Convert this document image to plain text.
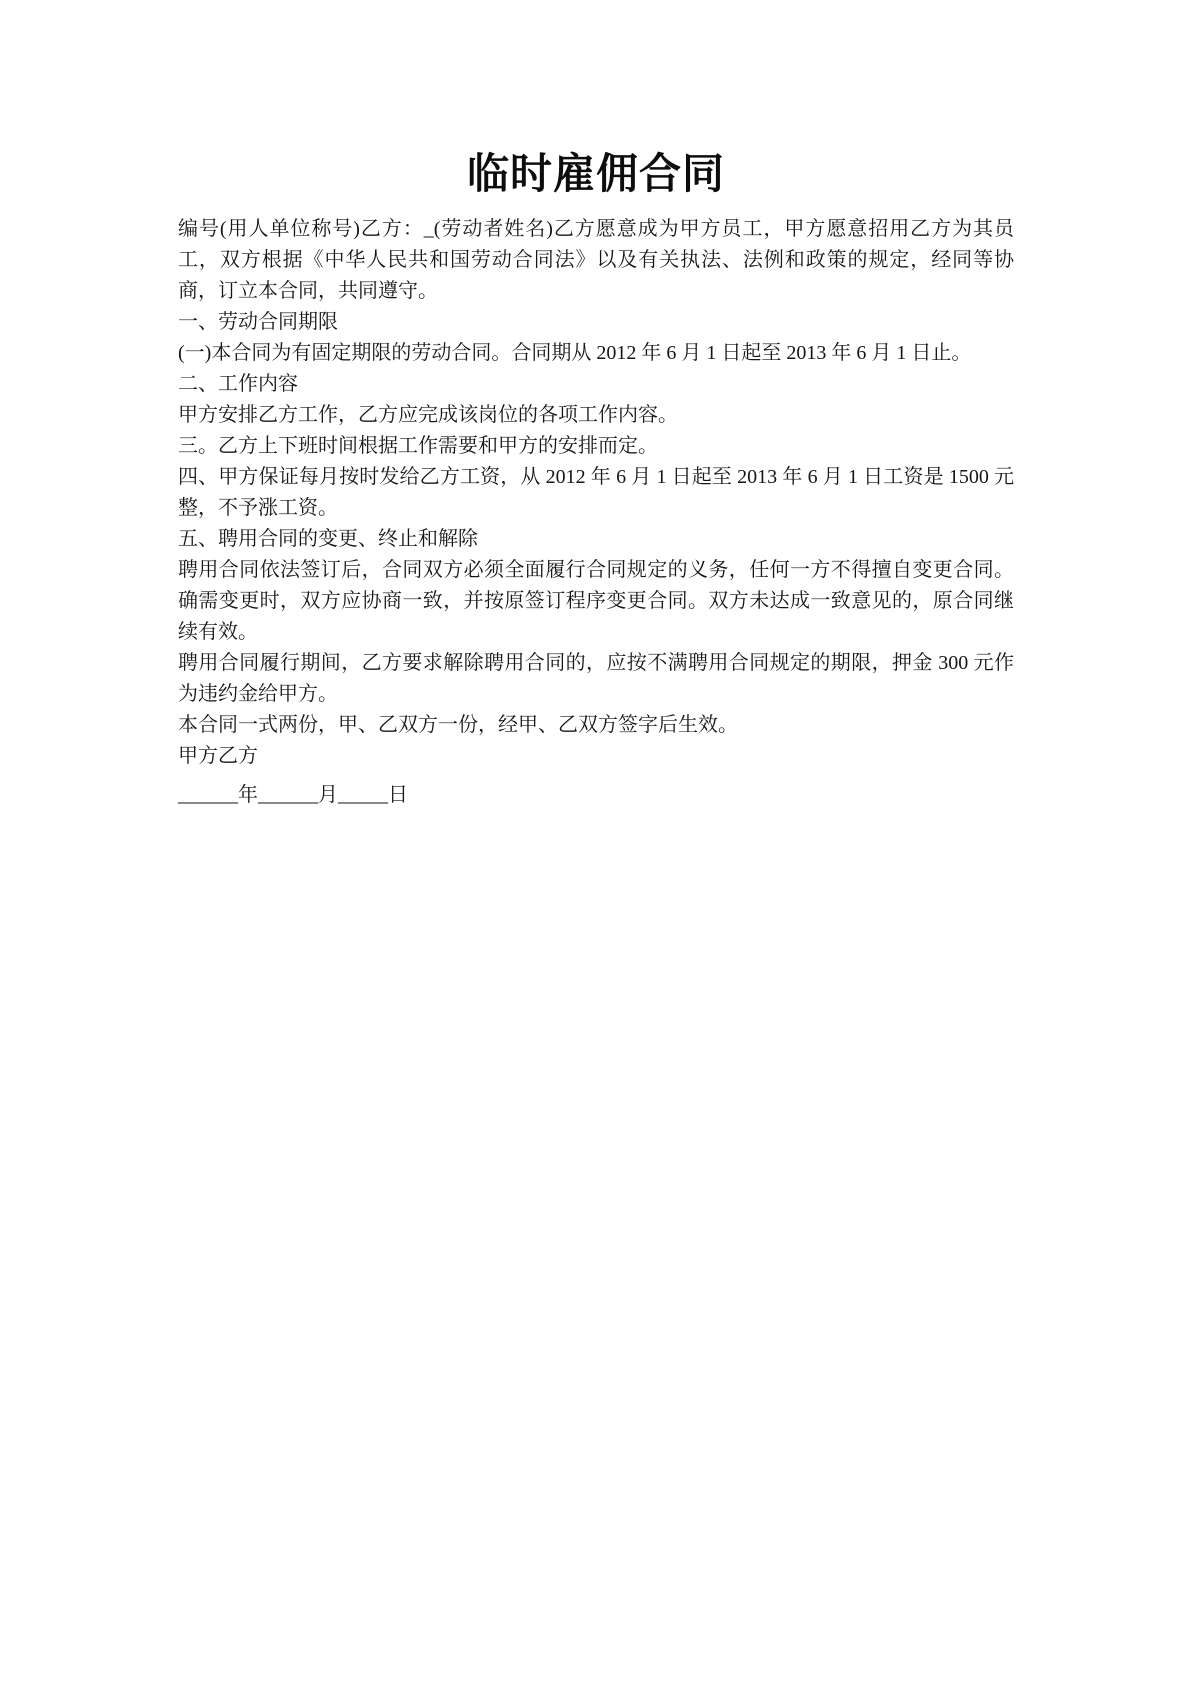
临时雇佣合同

编号(用人单位称号)乙方：_(劳动者姓名)乙方愿意成为甲方员工，甲方愿意招用乙方为其员工，双方根据《中华人民共和国劳动合同法》以及有关执法、法例和政策的规定，经同等协商，订立本合同，共同遵守。

一、劳动合同期限

(一)本合同为有固定期限的劳动合同。合同期从 2012 年 6 月 1 日起至 2013 年 6 月 1 日止。

二、工作内容

甲方安排乙方工作，乙方应完成该岗位的各项工作内容。

三。乙方上下班时间根据工作需要和甲方的安排而定。

四、甲方保证每月按时发给乙方工资，从 2012 年 6 月 1 日起至 2013 年 6 月 1 日工资是 1500 元整，不予涨工资。

五、聘用合同的变更、终止和解除

聘用合同依法签订后，合同双方必须全面履行合同规定的义务，任何一方不得擅自变更合同。确需变更时，双方应协商一致，并按原签订程序变更合同。双方未达成一致意见的，原合同继续有效。

聘用合同履行期间，乙方要求解除聘用合同的，应按不满聘用合同规定的期限，押金 300 元作为违约金给甲方。

本合同一式两份，甲、乙双方一份，经甲、乙双方签字后生效。

甲方乙方

______年______月_____日
